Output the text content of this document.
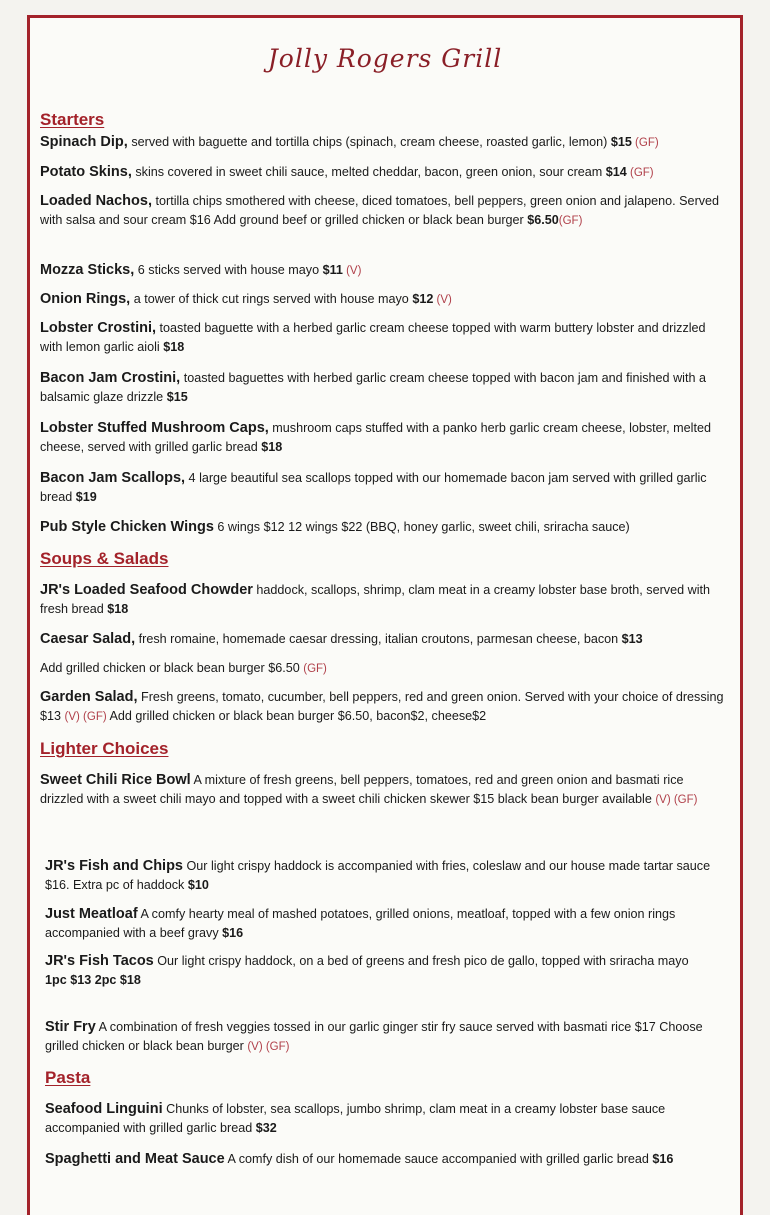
Jolly Rogers Grill
Starters
Spinach Dip, served with baguette and tortilla chips (spinach, cream cheese, roasted garlic, lemon) $15 (GF)
Potato Skins, skins covered in sweet chili sauce, melted cheddar, bacon, green onion, sour cream $14 (GF)
Loaded Nachos, tortilla chips smothered with cheese, diced tomatoes, bell peppers, green onion and jalapeno. Served with salsa and sour cream $16 Add ground beef or grilled chicken or black bean burger $6.50(GF)
Mozza Sticks, 6 sticks served with house mayo $11 (V)
Onion Rings, a tower of thick cut rings served with house mayo $12 (V)
Lobster Crostini, toasted baguette with a herbed garlic cream cheese topped with warm buttery lobster and drizzled with lemon garlic aioli $18
Bacon Jam Crostini, toasted baguettes with herbed garlic cream cheese topped with bacon jam and finished with a balsamic glaze drizzle $15
Lobster Stuffed Mushroom Caps, mushroom caps stuffed with a panko herb garlic cream cheese, lobster, melted cheese, served with grilled garlic bread $18
Bacon Jam Scallops, 4 large beautiful sea scallops topped with our homemade bacon jam served with grilled garlic bread $19
Pub Style Chicken Wings 6 wings $12 12 wings $22 (BBQ, honey garlic, sweet chili, sriracha sauce)
Soups & Salads
JR's Loaded Seafood Chowder haddock, scallops, shrimp, clam meat in a creamy lobster base broth, served with fresh bread $18
Caesar Salad, fresh romaine, homemade caesar dressing, italian croutons, parmesan cheese, bacon $13
Add grilled chicken or black bean burger $6.50 (GF)
Garden Salad, Fresh greens, tomato, cucumber, bell peppers, red and green onion. Served with your choice of dressing $13 (V) (GF) Add grilled chicken or black bean burger $6.50, bacon$2, cheese$2
Lighter Choices
Sweet Chili Rice Bowl A mixture of fresh greens, bell peppers, tomatoes, red and green onion and basmati rice drizzled with a sweet chili mayo and topped with a sweet chili chicken skewer $15 black bean burger available (V) (GF)
JR's Fish and Chips Our light crispy haddock is accompanied with fries, coleslaw and our house made tartar sauce $16. Extra pc of haddock $10
Just Meatloaf A comfy hearty meal of mashed potatoes, grilled onions, meatloaf, topped with a few onion rings accompanied with a beef gravy $16
JR's Fish Tacos Our light crispy haddock, on a bed of greens and fresh pico de gallo, topped with sriracha mayo
1pc $13 2pc $18
Stir Fry A combination of fresh veggies tossed in our garlic ginger stir fry sauce served with basmati rice $17 Choose grilled chicken or black bean burger (V) (GF)
Pasta
Seafood Linguini Chunks of lobster, sea scallops, jumbo shrimp, clam meat in a creamy lobster base sauce accompanied with grilled garlic bread $32
Spaghetti and Meat Sauce A comfy dish of our homemade sauce accompanied with grilled garlic bread $16
